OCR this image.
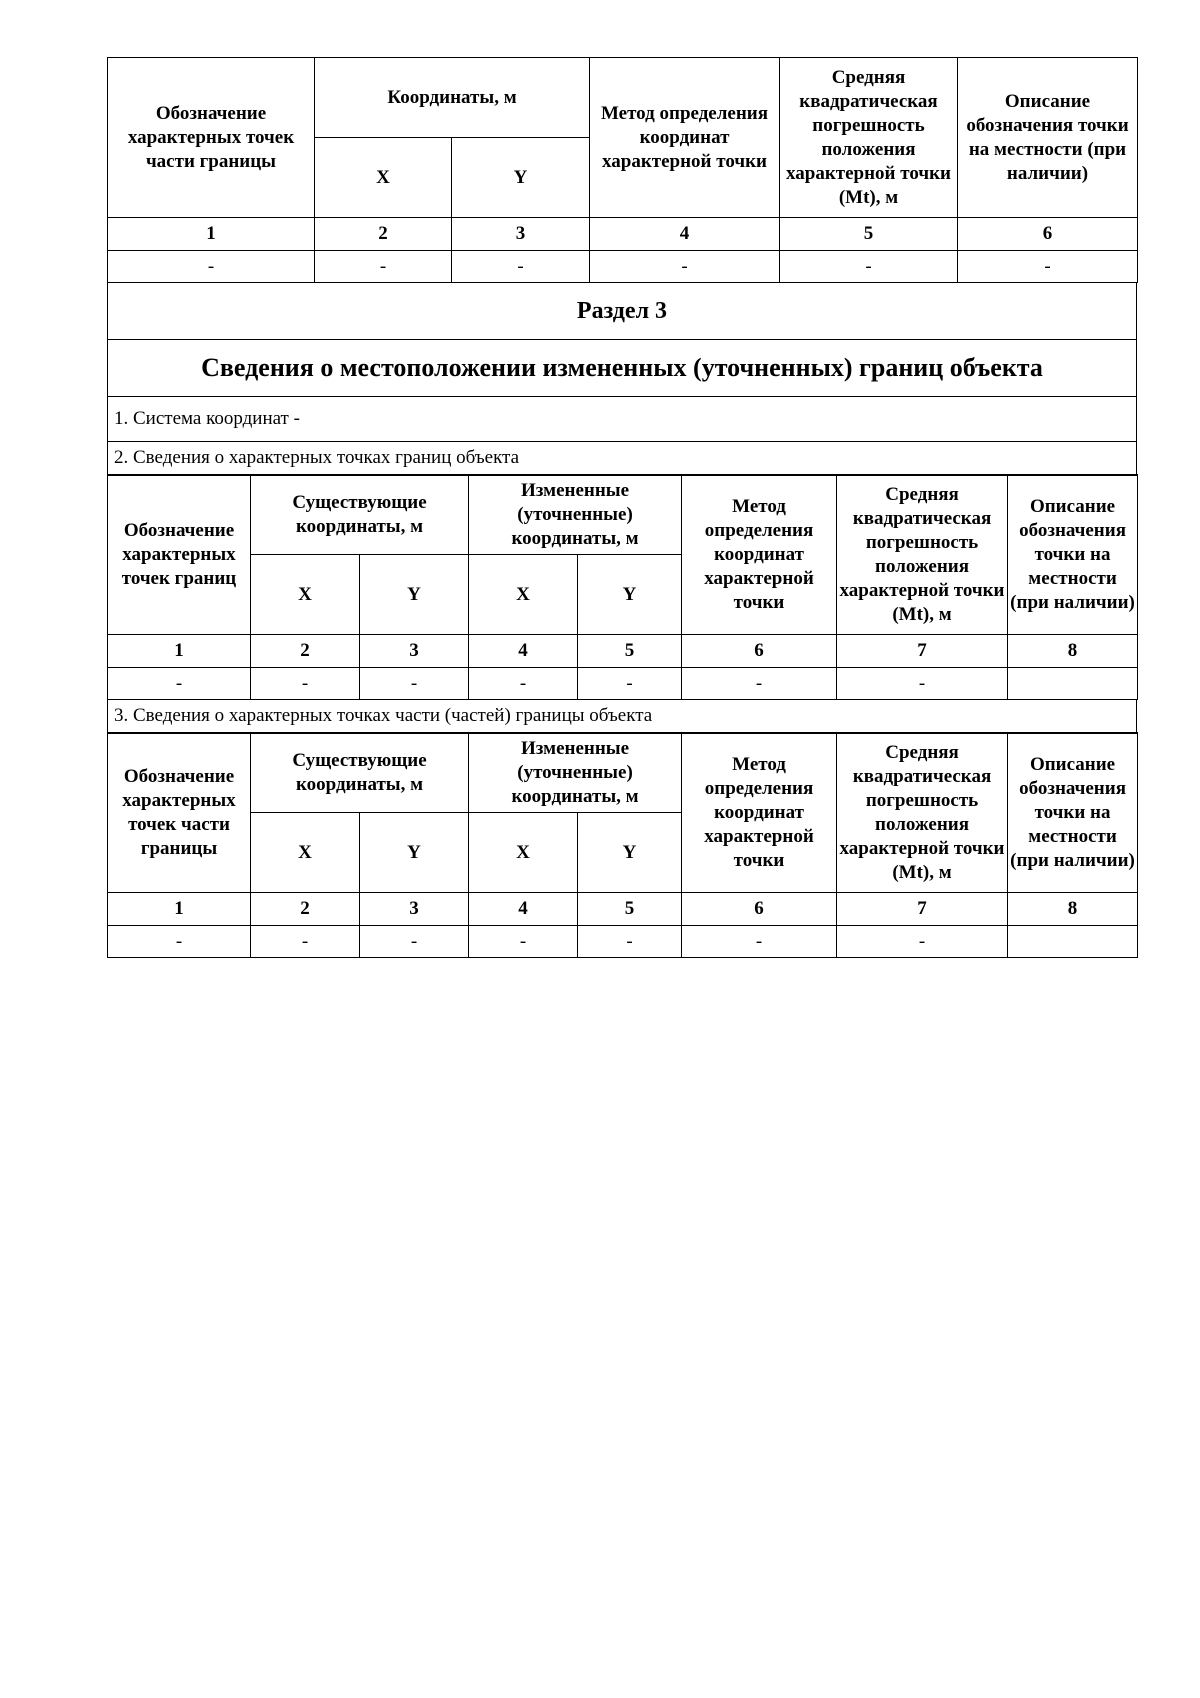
Обозначение характерных точек части границы	Координаты, м		Метод определения координат характерной точки	Средняя квадратическая погрешность положения характерной точки (Mt), м	Описание обозначения точки на местности (при наличии)
	X	Y			
1	2	3	4	5	6
-	-	-	-	-	-
Раздел 3
Сведения о местоположении измененных (уточненных) границ объекта
1. Система координат -
2. Сведения о характерных точках границ объекта
Обозначение характерных точек границ	Существующие координаты, м		Измененные (уточненные) координаты, м		Метод определения координат характерной точки	Средняя квадратическая погрешность положения характерной точки (Mt), м	Описание обозначения точки на местности (при наличии)
	X	Y	X	Y			
1	2	3	4	5	6	7	8
-	-	-	-	-	-	-	
3. Сведения о характерных точках части (частей) границы объекта
Обозначение характерных точек части границы	Существующие координаты, м		Измененные (уточненные) координаты, м		Метод определения координат характерной точки	Средняя квадратическая погрешность положения характерной точки (Mt), м	Описание обозначения точки на местности (при наличии)
	X	Y	X	Y			
1	2	3	4	5	6	7	8
-	-	-	-	-	-	-	
